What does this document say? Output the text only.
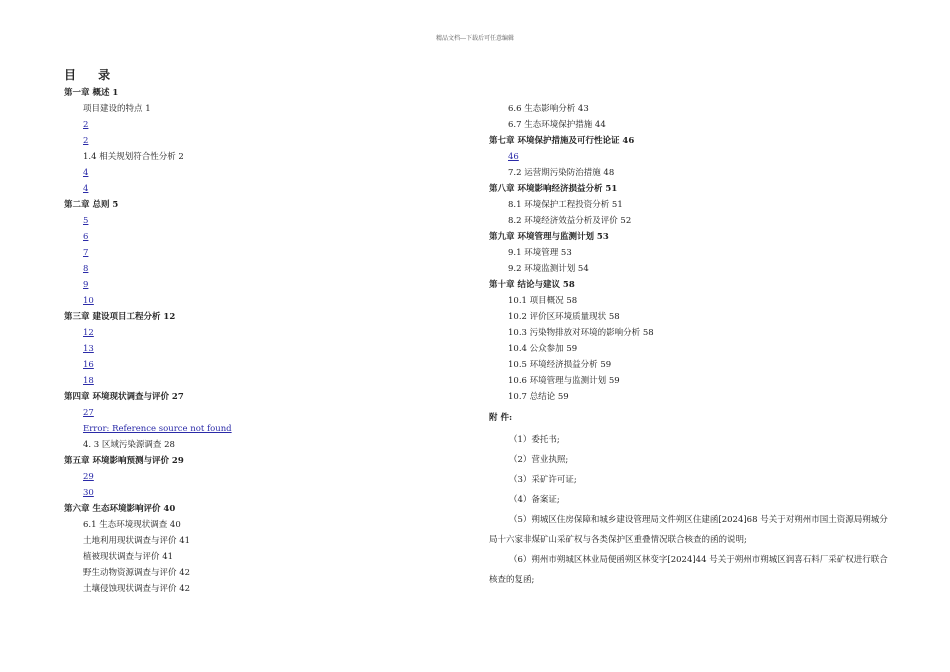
精品文档---下载后可任意编辑
目 录
第一章 概述 1
项目建设的特点 1
2
2
1.4 相关规划符合性分析 2
4
4
第二章 总则 5
5
6
7
8
9
10
第三章 建设项目工程分析 12
12
13
16
18
第四章 环境现状调查与评价 27
27
Error: Reference source not found
4. 3 区域污染源调查 28
第五章 环境影响预测与评价 29
29
30
第六章 生态环境影响评价 40
6.1 生态环境现状调查 40
土地利用现状调查与评价 41
植被现状调查与评价 41
野生动物资源调查与评价 42
土壤侵蚀现状调查与评价 42
6.6 生态影响分析 43
6.7 生态环境保护措施 44
第七章 环境保护措施及可行性论证 46
46
7.2 运营期污染防治措施 48
第八章 环境影响经济损益分析 51
8.1 环境保护工程投资分析 51
8.2 环境经济效益分析及评价 52
第九章 环境管理与监测计划 53
9.1 环境管理 53
9.2 环境监测计划 54
第十章 结论与建议 58
10.1 项目概况 58
10.2 评价区环境质量现状 58
10.3 污染物排放对环境的影响分析 58
10.4 公众参加 59
10.5 环境经济损益分析 59
10.6 环境管理与监测计划 59
10.7 总结论 59
附 件:
（1）委托书;
（2）营业执照;
（3）采矿许可证;
（4）备案证;
（5）朔城区住房保障和城乡建设管理局文件朔区住建函[2024]68 号关于对朔州市国土资源局朔城分局十六家非煤矿山采矿权与各类保护区重叠情况联合核查的函的说明;
（6）朔州市朔城区林业局便函朔区林变字[2024]44 号关于朔州市朔城区润喜石料厂采矿权进行联合核查的复函;
